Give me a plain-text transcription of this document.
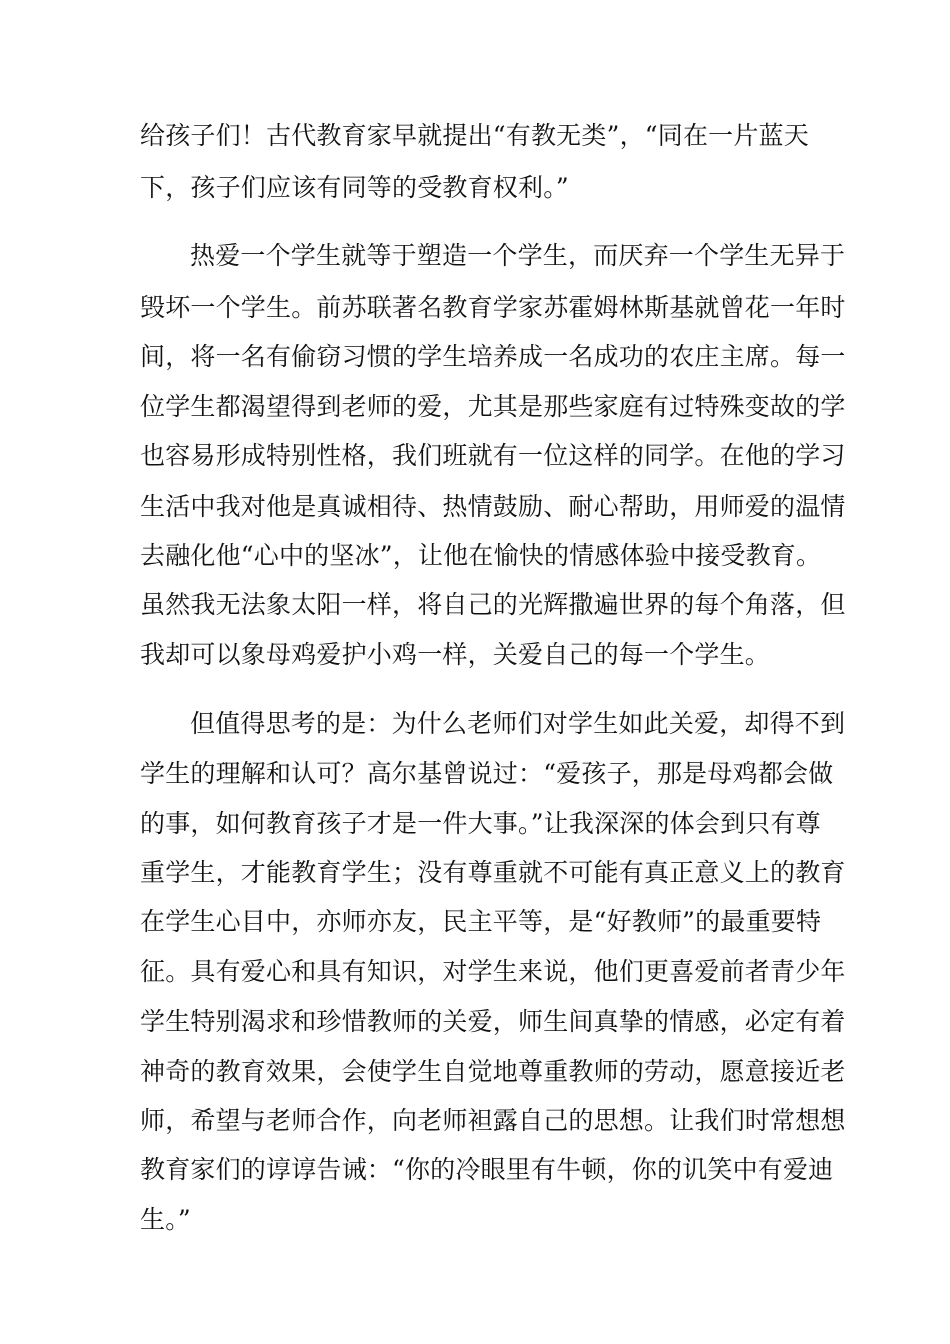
给孩子们！古代教育家早就提出“有教无类”，“同在一片蓝天
下，孩子们应该有同等的受教育权利。”
热爱一个学生就等于塑造一个学生，而厌弃一个学生无异于
毁坏一个学生。前苏联著名教育学家苏霍姆林斯基就曾花一年时
间，将一名有偷窃习惯的学生培养成一名成功的农庄主席。每一
位学生都渴望得到老师的爱，尤其是那些家庭有过特殊变故的学
也容易形成特别性格，我们班就有一位这样的同学。在他的学习
生活中我对他是真诚相待、热情鼓励、耐心帮助，用师爱的温情
去融化他“心中的坚冰”，让他在愉快的情感体验中接受教育。
虽然我无法象太阳一样，将自己的光辉撒遍世界的每个角落，但
我却可以象母鸡爱护小鸡一样，关爱自己的每一个学生。
但值得思考的是：为什么老师们对学生如此关爱，却得不到
学生的理解和认可？高尔基曾说过：“爱孩子，那是母鸡都会做
的事，如何教育孩子才是一件大事。”让我深深的体会到只有尊
重学生，才能教育学生；没有尊重就不可能有真正意义上的教育
在学生心目中，亦师亦友，民主平等，是“好教师”的最重要特
征。具有爱心和具有知识，对学生来说，他们更喜爱前者青少年
学生特别渴求和珍惜教师的关爱，师生间真挚的情感，必定有着
神奇的教育效果，会使学生自觉地尊重教师的劳动，愿意接近老
师，希望与老师合作，向老师袒露自己的思想。让我们时常想想
教育家们的谆谆告诫：“你的冷眼里有牛顿，你的讥笑中有爱迪
生。”
